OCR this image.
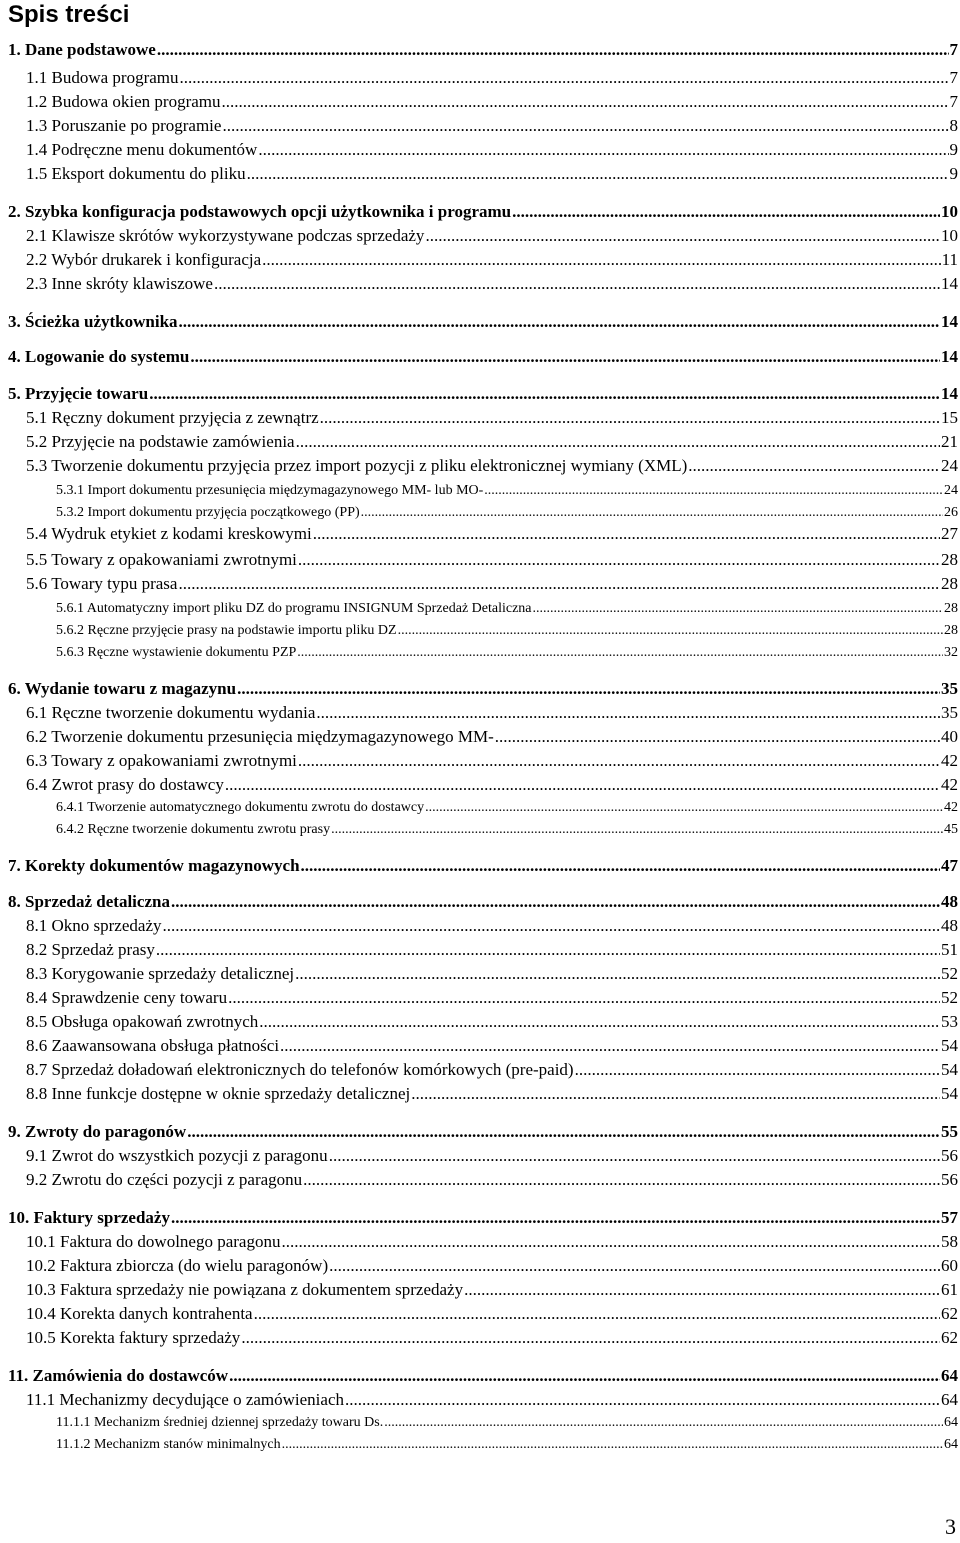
Spis treści
1. Dane podstawowe .....	7
1.1 Budowa programu .....	7
1.2 Budowa okien programu .....	7
1.3 Poruszanie po programie .....	8
1.4 Podręczne menu dokumentów .....	9
1.5 Eksport dokumentu do pliku .....	9
2. Szybka konfiguracja podstawowych opcji użytkownika i programu .....	10
2.1 Klawisze skrótów wykorzystywane podczas sprzedaży .....	10
2.2 Wybór drukarek i konfiguracja .....	11
2.3 Inne skróty klawiszowe .....	14
3. Ścieżka użytkownika .....	14
4. Logowanie do systemu .....	14
5. Przyjęcie towaru .....	14
5.1 Ręczny dokument przyjęcia z zewnątrz .....	15
5.2 Przyjęcie na podstawie zamówienia .....	21
5.3 Tworzenie dokumentu przyjęcia przez import pozycji z pliku elektronicznej wymiany (XML) .....	24
5.3.1 Import dokumentu przesunięcia międzymagazynowego MM- lub MO- .....	24
5.3.2 Import dokumentu przyjęcia początkowego (PP) .....	26
5.4 Wydruk etykiet z kodami kreskowymi .....	27
5.5 Towary z opakowaniami zwrotnymi .....	28
5.6 Towary typu prasa .....	28
5.6.1 Automatyczny import pliku DZ do programu INSIGNUM Sprzedaż Detaliczna .....	28
5.6.2 Ręczne przyjęcie prasy na podstawie importu pliku DZ .....	28
5.6.3 Ręczne wystawienie dokumentu PZP .....	32
6. Wydanie towaru z magazynu .....	35
6.1 Ręczne tworzenie dokumentu wydania .....	35
6.2 Tworzenie dokumentu przesunięcia międzymagazynowego MM- .....	40
6.3 Towary z opakowaniami zwrotnymi .....	42
6.4 Zwrot prasy do dostawcy .....	42
6.4.1 Tworzenie automatycznego dokumentu zwrotu do dostawcy .....	42
6.4.2 Ręczne tworzenie dokumentu zwrotu prasy .....	45
7. Korekty dokumentów magazynowych .....	47
8. Sprzedaż detaliczna .....	48
8.1 Okno sprzedaży .....	48
8.2 Sprzedaż prasy .....	51
8.3 Korygowanie sprzedaży detalicznej .....	52
8.4 Sprawdzenie ceny towaru .....	52
8.5 Obsługa opakowań zwrotnych .....	53
8.6 Zaawansowana obsługa płatności .....	54
8.7 Sprzedaż doładowań elektronicznych do telefonów komórkowych (pre-paid) .....	54
8.8 Inne funkcje dostępne w oknie sprzedaży detalicznej .....	54
9. Zwroty do paragonów .....	55
9.1 Zwrot do wszystkich pozycji z paragonu .....	56
9.2 Zwrotu do części pozycji z paragonu .....	56
10. Faktury sprzedaży .....	57
10.1 Faktura do dowolnego paragonu .....	58
10.2 Faktura zbiorcza (do wielu paragonów) .....	60
10.3 Faktura sprzedaży nie powiązana z dokumentem sprzedaży .....	61
10.4 Korekta danych kontrahenta .....	62
10.5 Korekta faktury sprzedaży .....	62
11. Zamówienia do dostawców .....	64
11.1 Mechanizmy decydujące o zamówieniach .....	64
11.1.1 Mechanizm średniej dziennej sprzedaży towaru Ds. .....	64
11.1.2 Mechanizm stanów minimalnych .....	64
3
